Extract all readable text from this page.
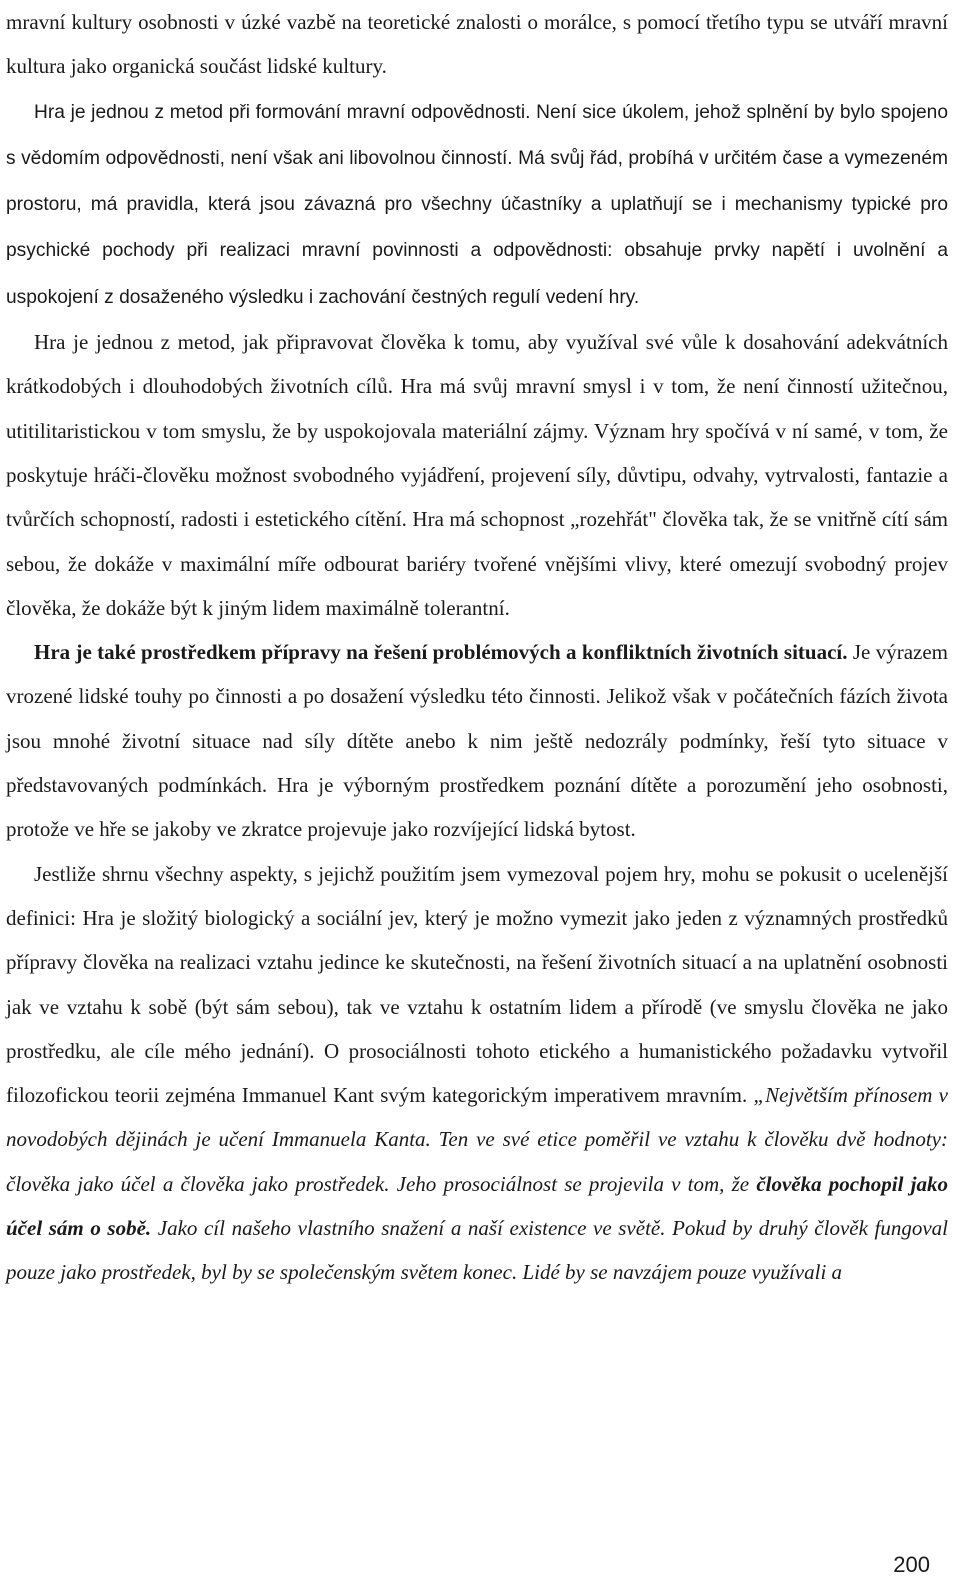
mravní kultury osobnosti v úzké vazbě na teoretické znalosti o morálce, s pomocí třetího typu se utváří mravní kultura jako organická součást lidské kultury.

Hra je jednou z metod při formování mravní odpovědnosti. Není sice úkolem, jehož splnění by bylo spojeno s vědomím odpovědnosti, není však ani libovolnou činností. Má svůj řád, probíhá v určitém čase a vymezeném prostoru, má pravidla, která jsou závazná pro všechny účastníky a uplatňují se i mechanismy typické pro psychické pochody při realizaci mravní povinnosti a odpovědnosti: obsahuje prvky napětí i uvolnění a uspokojení z dosaženého výsledku i zachování čestných regulí vedení hry.

Hra je jednou z metod, jak připravovat člověka k tomu, aby využíval své vůle k dosahování adekvátních krátkodobých i dlouhodobých životních cílů. Hra má svůj mravní smysl i v tom, že není činností užitečnou, utitilitaristickou v tom smyslu, že by uspokojovala materiální zájmy. Význam hry spočívá v ní samé, v tom, že poskytuje hráči-člověku možnost svobodného vyjádření, projevení síly, důvtipu, odvahy, vytrvalosti, fantazie a tvůrčích schopností, radosti i estetického cítění. Hra má schopnost „rozehřát" člověka tak, že se vnitřně cítí sám sebou, že dokáže v maximální míře odbourat bariéry tvořené vnějšími vlivy, které omezují svobodný projev člověka, že dokáže být k jiným lidem maximálně tolerantní.

Hra je také prostředkem přípravy na řešení problémových a konfliktních životních situací. Je výrazem vrozené lidské touhy po činnosti a po dosažení výsledku této činnosti. Jelikož však v počátečních fázích života jsou mnohé životní situace nad síly dítěte anebo k nim ještě nedozrály podmínky, řeší tyto situace v představovaných podmínkách. Hra je výborným prostředkem poznání dítěte a porozumění jeho osobnosti, protože ve hře se jakoby ve zkratce projevuje jako rozvíjející lidská bytost.

Jestliže shrnu všechny aspekty, s jejichž použitím jsem vymezoval pojem hry, mohu se pokusit o ucelenější definici: Hra je složitý biologický a sociální jev, který je možno vymezit jako jeden z významných prostředků přípravy člověka na realizaci vztahu jedince ke skutečnosti, na řešení životních situací a na uplatnění osobnosti jak ve vztahu k sobě (být sám sebou), tak ve vztahu k ostatním lidem a přírodě (ve smyslu člověka ne jako prostředku, ale cíle mého jednání). O prosociálnosti tohoto etického a humanistického požadavku vytvořil filozofickou teorii zejména Immanuel Kant svým kategorickým imperativem mravním. „Největším přínosem v novodobých dějinách je učení Immanuela Kanta. Ten ve své etice poměřil ve vztahu k člověku dvě hodnoty: člověka jako účel a člověka jako prostředek. Jeho prosociálnost se projevila v tom, že člověka pochopil jako účel sám o sobě. Jako cíl našeho vlastního snažení a naší existence ve světě. Pokud by druhý člověk fungoval pouze jako prostředek, byl by se společenským světem konec. Lidé by se navzájem pouze využívali a

200
